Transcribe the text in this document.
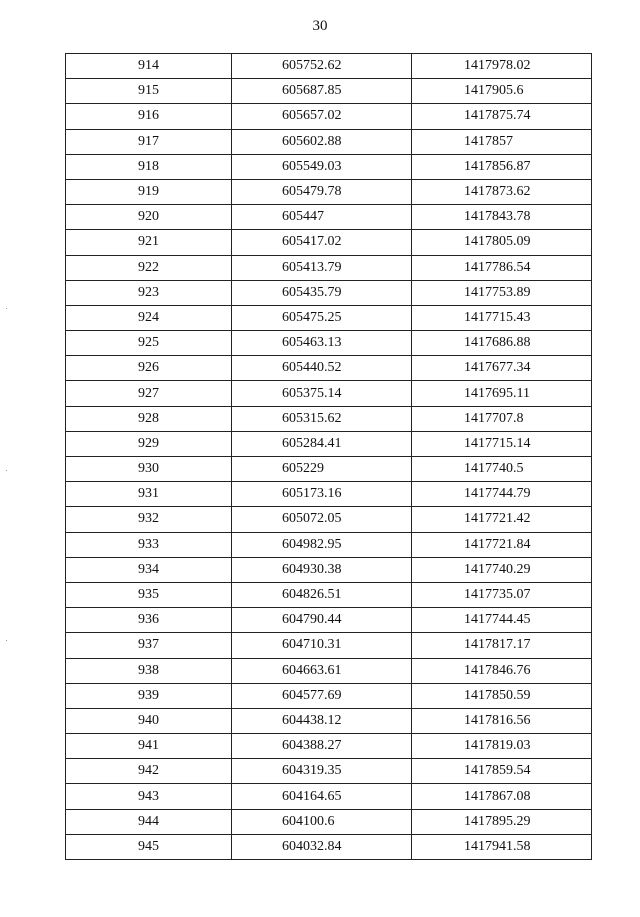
30
914	605752.62	1417978.02
915	605687.85	1417905.6
916	605657.02	1417875.74
917	605602.88	1417857
918	605549.03	1417856.87
919	605479.78	1417873.62
920	605447	1417843.78
921	605417.02	1417805.09
922	605413.79	1417786.54
923	605435.79	1417753.89
924	605475.25	1417715.43
925	605463.13	1417686.88
926	605440.52	1417677.34
927	605375.14	1417695.11
928	605315.62	1417707.8
929	605284.41	1417715.14
930	605229	1417740.5
931	605173.16	1417744.79
932	605072.05	1417721.42
933	604982.95	1417721.84
934	604930.38	1417740.29
935	604826.51	1417735.07
936	604790.44	1417744.45
937	604710.31	1417817.17
938	604663.61	1417846.76
939	604577.69	1417850.59
940	604438.12	1417816.56
941	604388.27	1417819.03
942	604319.35	1417859.54
943	604164.65	1417867.08
944	604100.6	1417895.29
945	604032.84	1417941.58
